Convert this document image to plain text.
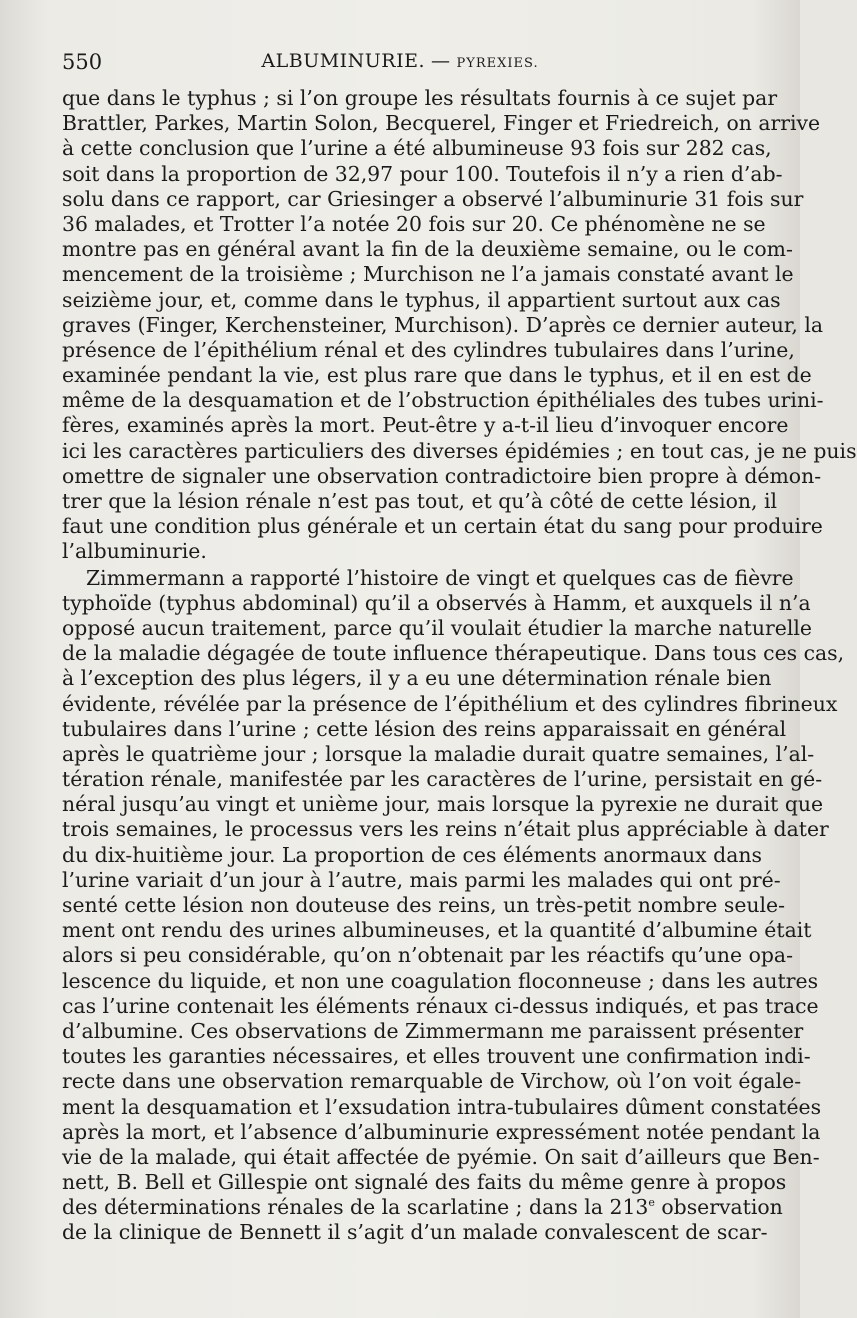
550	ALBUMINURIE. — PYREXIES.
que dans le typhus ; si l’on groupe les résultats fournis à ce sujet par
Brattler, Parkes, Martin Solon, Becquerel, Finger et Friedreich, on arrive
à cette conclusion que l’urine a été albumineuse 93 fois sur 282 cas,
soit dans la proportion de 32,97 pour 100. Toutefois il n’y a rien d’ab-
solu dans ce rapport, car Griesinger a observé l’albuminurie 31 fois sur
36 malades, et Trotter l’a notée 20 fois sur 20. Ce phénomène ne se
montre pas en général avant la fin de la deuxième semaine, ou le com-
mencement de la troisième ; Murchison ne l’a jamais constaté avant le
seizième jour, et, comme dans le typhus, il appartient surtout aux cas
graves (Finger, Kerchensteiner, Murchison). D’après ce dernier auteur, la
présence de l’épithélium rénal et des cylindres tubulaires dans l’urine,
examinée pendant la vie, est plus rare que dans le typhus, et il en est de
même de la desquamation et de l’obstruction épithéliales des tubes urini-
fères, examinés après la mort. Peut-être y a-t-il lieu d’invoquer encore
ici les caractères particuliers des diverses épidémies ; en tout cas, je ne puis
omettre de signaler une observation contradictoire bien propre à démon-
trer que la lésion rénale n’est pas tout, et qu’à côté de cette lésion, il
faut une condition plus générale et un certain état du sang pour produire
l’albuminurie.
Zimmermann a rapporté l’histoire de vingt et quelques cas de fièvre
typhoïde (typhus abdominal) qu’il a observés à Hamm, et auxquels il n’a
opposé aucun traitement, parce qu’il voulait étudier la marche naturelle
de la maladie dégagée de toute influence thérapeutique. Dans tous ces cas,
à l’exception des plus légers, il y a eu une détermination rénale bien
évidente, révélée par la présence de l’épithélium et des cylindres fibrineux
tubulaires dans l’urine ; cette lésion des reins apparaissait en général
après le quatrième jour ; lorsque la maladie durait quatre semaines, l’al-
tération rénale, manifestée par les caractères de l’urine, persistait en gé-
néral jusqu’au vingt et unième jour, mais lorsque la pyrexie ne durait que
trois semaines, le processus vers les reins n’était plus appréciable à dater
du dix-huitième jour. La proportion de ces éléments anormaux dans
l’urine variait d’un jour à l’autre, mais parmi les malades qui ont pré-
senté cette lésion non douteuse des reins, un très-petit nombre seule-
ment ont rendu des urines albumineuses, et la quantité d’albumine était
alors si peu considérable, qu’on n’obtenait par les réactifs qu’une opa-
lescence du liquide, et non une coagulation floconneuse ; dans les autres
cas l’urine contenait les éléments rénaux ci-dessus indiqués, et pas trace
d’albumine. Ces observations de Zimmermann me paraissent présenter
toutes les garanties nécessaires, et elles trouvent une confirmation indi-
recte dans une observation remarquable de Virchow, où l’on voit égale-
ment la desquamation et l’exsudation intra-tubulaires dûment constatées
après la mort, et l’absence d’albuminurie expressément notée pendant la
vie de la malade, qui était affectée de pyémie. On sait d’ailleurs que Ben-
nett, B. Bell et Gillespie ont signalé des faits du même genre à propos
des déterminations rénales de la scarlatine ; dans la 213e observation
de la clinique de Bennett il s’agit d’un malade convalescent de scar-
